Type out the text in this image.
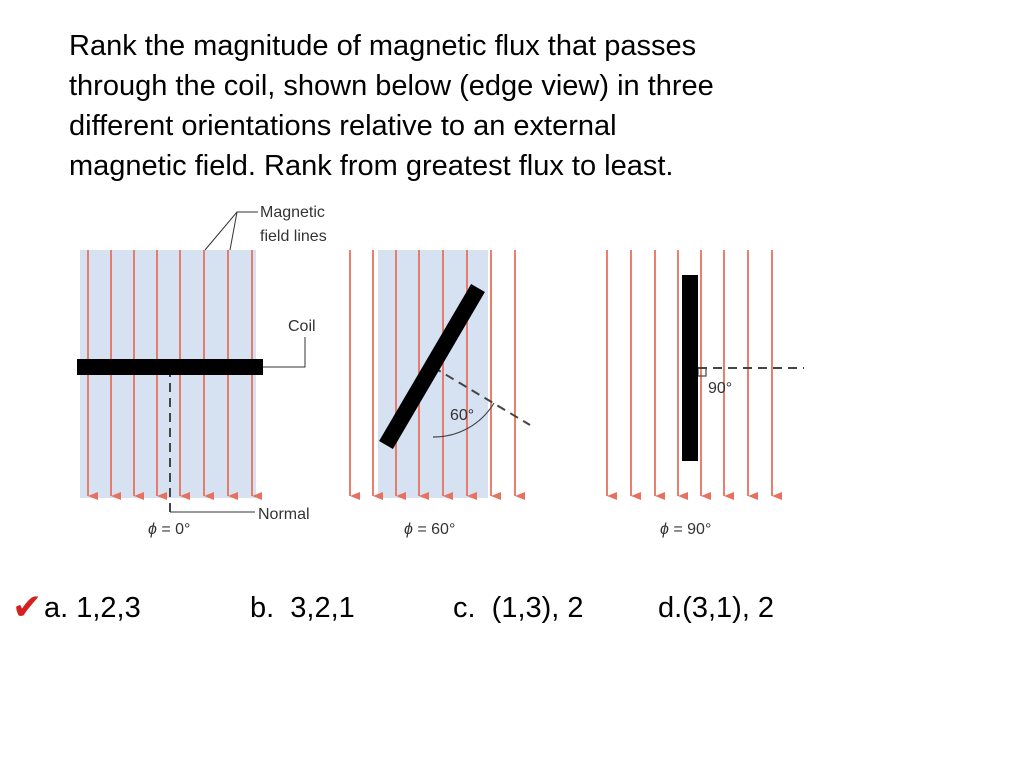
Rank the magnitude of magnetic flux that passes
through the coil, shown below (edge view) in three
different orientations relative to an external
magnetic field. Rank from greatest flux to least.
Magnetic
field lines
Coil
Normal
ϕ = 0°
60°
ϕ = 60°
90°
ϕ = 90°
✔ a. 1,2,3	b.  3,2,1	c.  (1,3), 2	d.(3,1), 2
